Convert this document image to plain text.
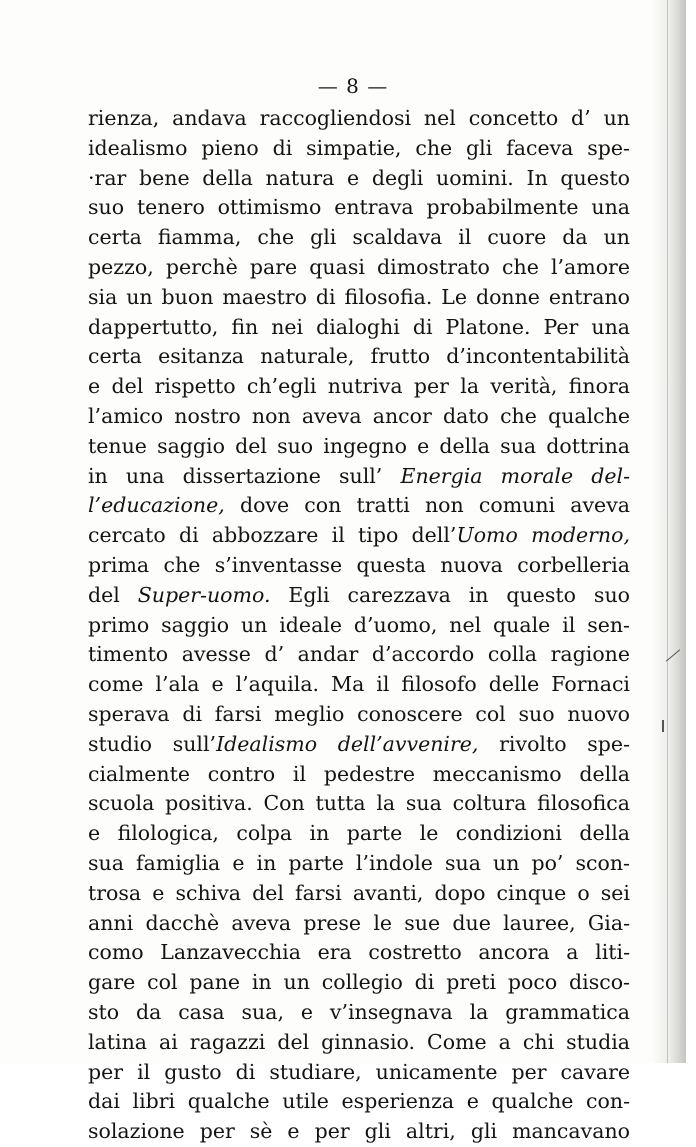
— 8 —
rienza, andava raccogliendosi nel concetto d’ un
idealismo pieno di simpatie, che gli faceva spe-
·rar bene della natura e degli uomini. In questo
suo tenero ottimismo entrava probabilmente una
certa fiamma, che gli scaldava il cuore da un
pezzo, perchè pare quasi dimostrato che l’amore
sia un buon maestro di filosofia. Le donne entrano
dappertutto, fin nei dialoghi di Platone. Per una
certa esitanza naturale, frutto d’incontentabilità
e del rispetto ch’egli nutriva per la verità, finora
l’amico nostro non aveva ancor dato che qualche
tenue saggio del suo ingegno e della sua dottrina
in una dissertazione sull’ Energia morale del-
l’educazione, dove con tratti non comuni aveva
cercato di abbozzare il tipo dell’Uomo moderno,
prima che s’inventasse questa nuova corbelleria
del Super-uomo. Egli carezzava in questo suo
primo saggio un ideale d’uomo, nel quale il sen-
timento avesse d’ andar d’accordo colla ragione
come l’ala e l’aquila. Ma il filosofo delle Fornaci
sperava di farsi meglio conoscere col suo nuovo
studio sull’Idealismo dell’avvenire, rivolto spe-
cialmente contro il pedestre meccanismo della
scuola positiva. Con tutta la sua coltura filosofica
e filologica, colpa in parte le condizioni della
sua famiglia e in parte l’indole sua un po’ scon-
trosa e schiva del farsi avanti, dopo cinque o sei
anni dacchè aveva prese le sue due lauree, Gia-
como Lanzavecchia era costretto ancora a liti-
gare col pane in un collegio di preti poco disco-
sto da casa sua, e v’insegnava la grammatica
latina ai ragazzi del ginnasio. Come a chi studia
per il gusto di studiare, unicamente per cavare
dai libri qualche utile esperienza e qualche con-
solazione per sè e per gli altri, gli mancavano
